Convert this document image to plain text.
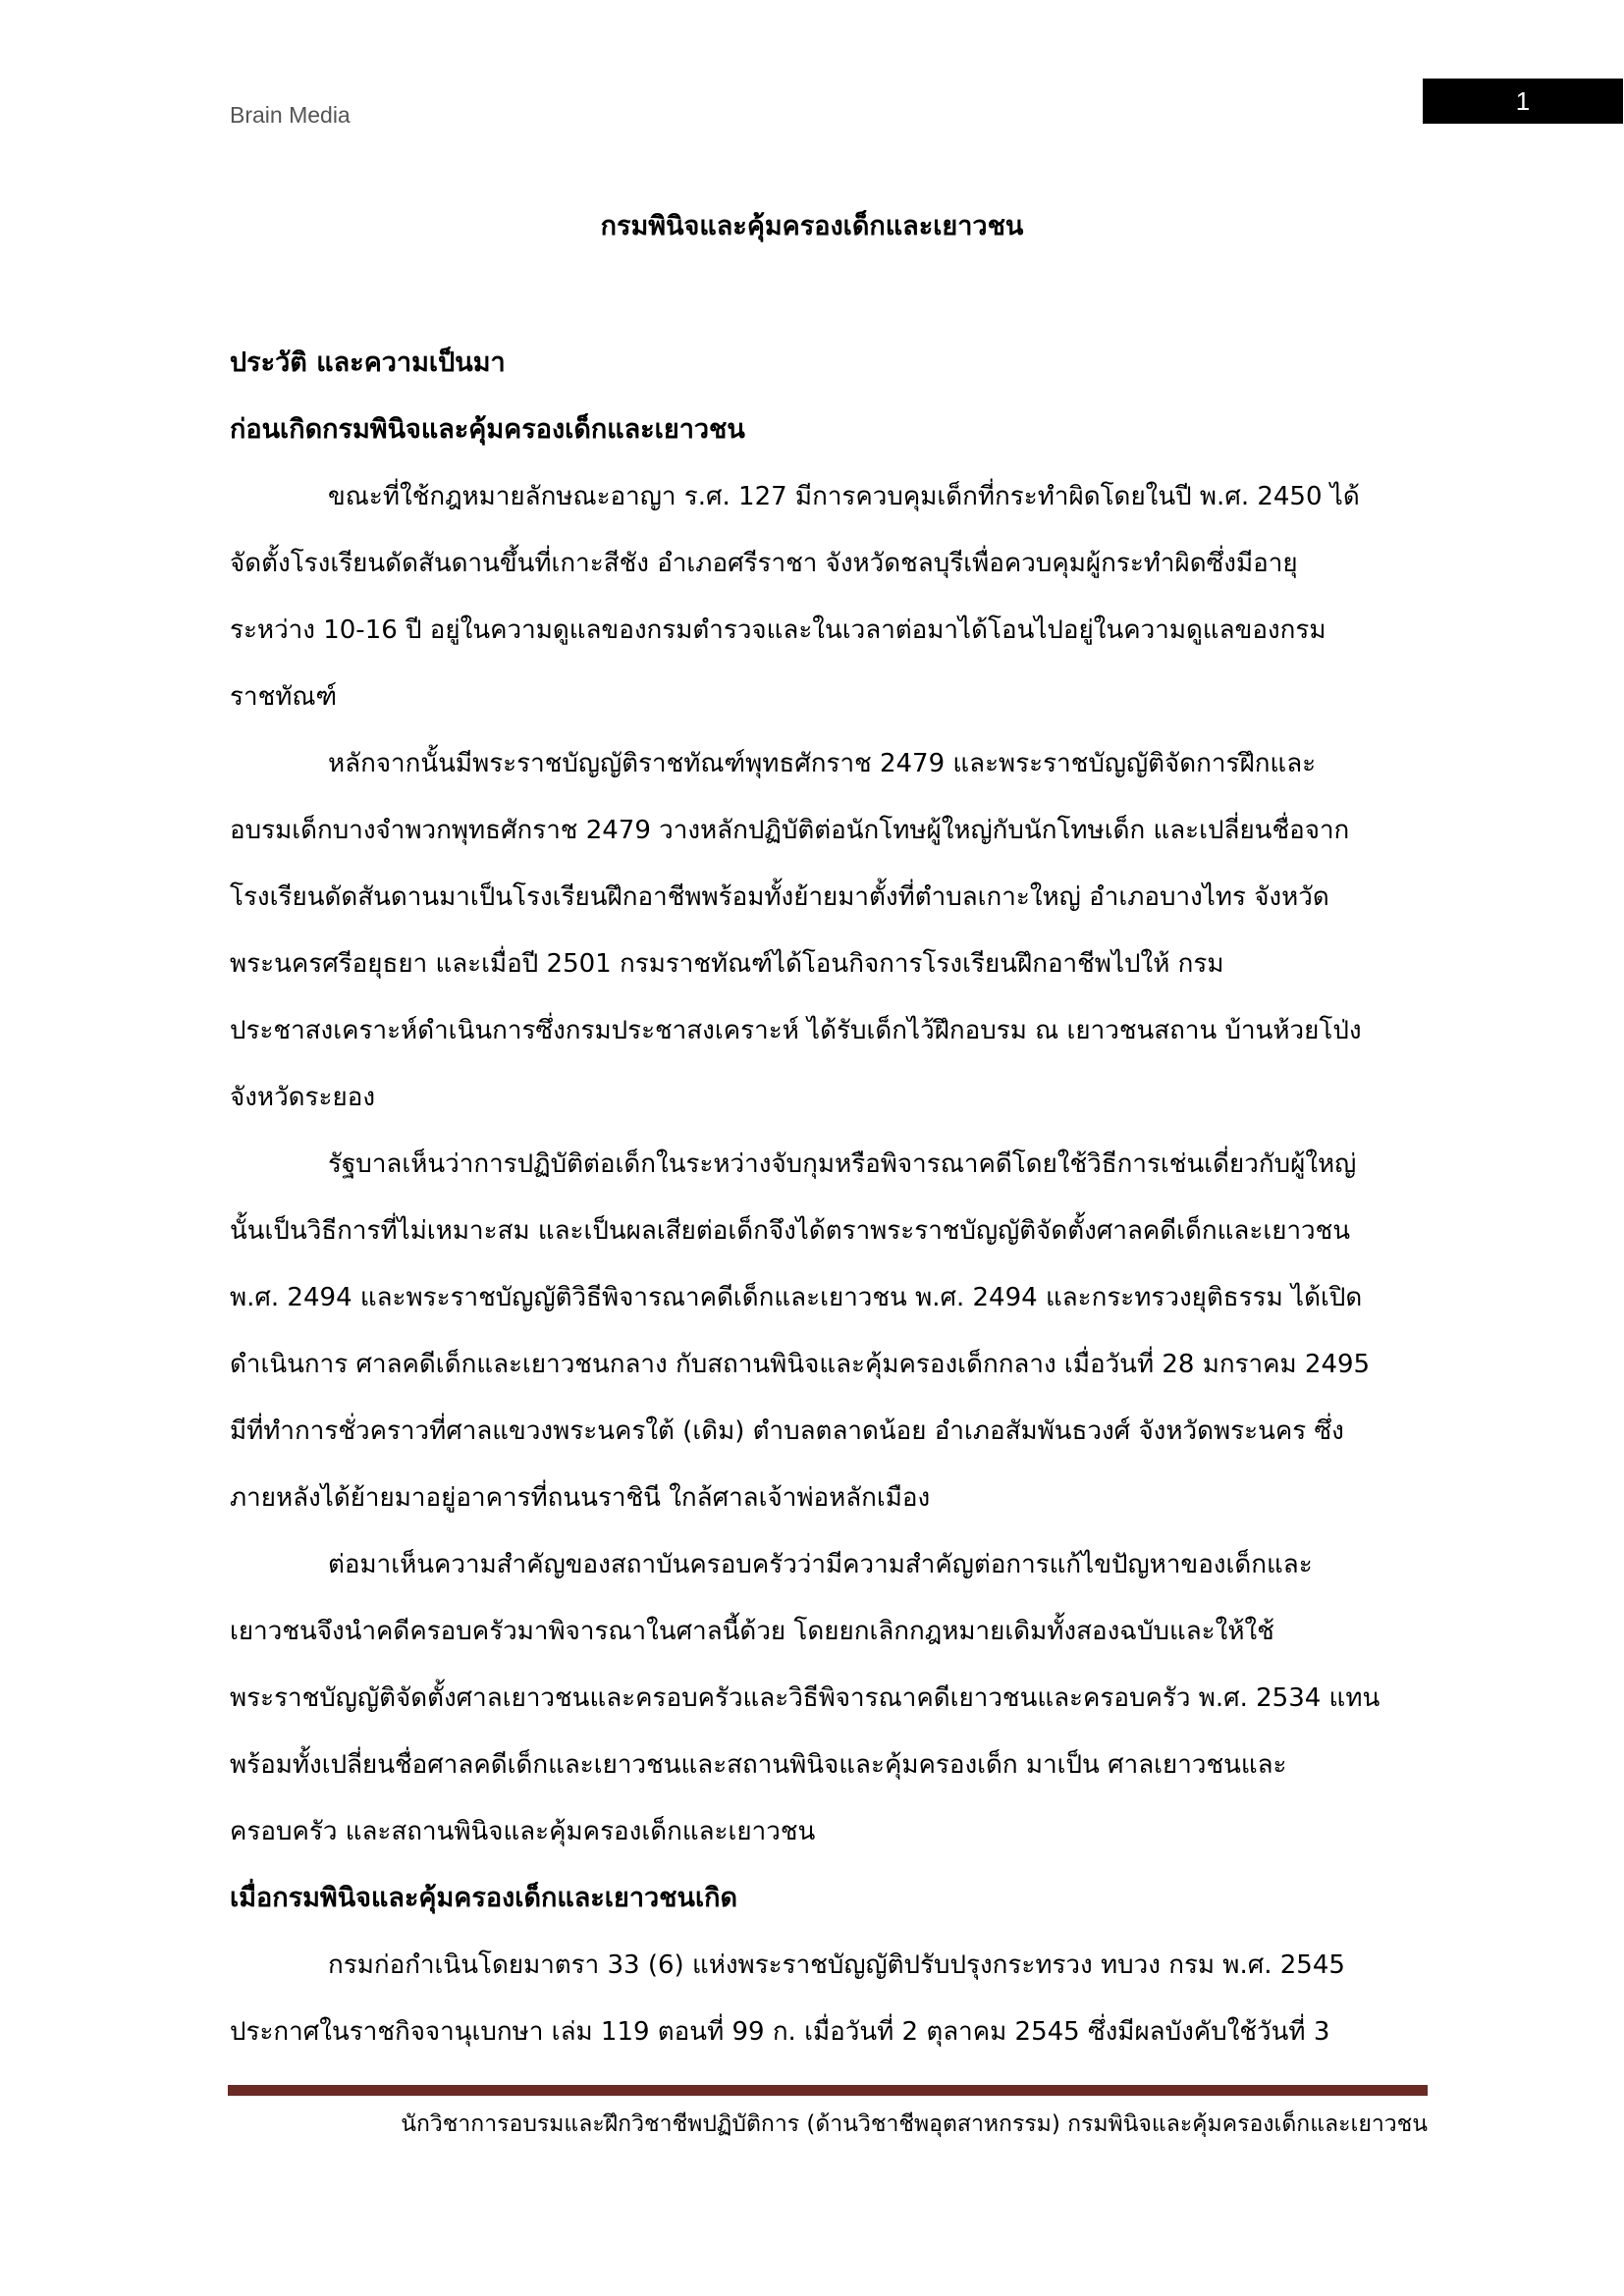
Brain Media	1
กรมพินิจและคุ้มครองเด็กและเยาวชน

ประวัติ และความเป็นมา

ก่อนเกิดกรมพินิจและคุ้มครองเด็กและเยาวชน

ขณะที่ใช้กฎหมายลักษณะอาญา ร.ศ. 127 มีการควบคุมเด็กที่กระทำผิดโดยในปี พ.ศ. 2450 ได้

จัดตั้งโรงเรียนดัดสันดานขึ้นที่เกาะสีชัง อำเภอศรีราชา จังหวัดชลบุรีเพื่อควบคุมผู้กระทำผิดซึ่งมีอายุ

ระหว่าง 10-16 ปี อยู่ในความดูแลของกรมตำรวจและในเวลาต่อมาได้โอนไปอยู่ในความดูแลของกรม

ราชทัณฑ์

หลักจากนั้นมีพระราชบัญญัติราชทัณฑ์พุทธศักราช 2479 และพระราชบัญญัติจัดการฝึกและ

อบรมเด็กบางจำพวกพุทธศักราช 2479 วางหลักปฏิบัติต่อนักโทษผู้ใหญ่กับนักโทษเด็ก และเปลี่ยนชื่อจาก

โรงเรียนดัดสันดานมาเป็นโรงเรียนฝึกอาชีพพร้อมทั้งย้ายมาตั้งที่ตำบลเกาะใหญ่ อำเภอบางไทร จังหวัด

พระนครศรีอยุธยา และเมื่อปี 2501 กรมราชทัณฑ์ได้โอนกิจการโรงเรียนฝึกอาชีพไปให้ กรม

ประชาสงเคราะห์ดำเนินการซึ่งกรมประชาสงเคราะห์ ได้รับเด็กไว้ฝึกอบรม ณ เยาวชนสถาน บ้านห้วยโป่ง

จังหวัดระยอง

รัฐบาลเห็นว่าการปฏิบัติต่อเด็กในระหว่างจับกุมหรือพิจารณาคดีโดยใช้วิธีการเช่นเดี่ยวกับผู้ใหญ่

นั้นเป็นวิธีการที่ไม่เหมาะสม และเป็นผลเสียต่อเด็กจึงได้ตราพระราชบัญญัติจัดตั้งศาลคดีเด็กและเยาวชน

พ.ศ. 2494 และพระราชบัญญัติวิธีพิจารณาคดีเด็กและเยาวชน พ.ศ. 2494 และกระทรวงยุติธรรม ได้เปิด

ดำเนินการ ศาลคดีเด็กและเยาวชนกลาง กับสถานพินิจและคุ้มครองเด็กกลาง เมื่อวันที่ 28 มกราคม 2495

มีที่ทำการชั่วคราวที่ศาลแขวงพระนครใต้ (เดิม) ตำบลตลาดน้อย อำเภอสัมพันธวงศ์ จังหวัดพระนคร ซึ่ง

ภายหลังได้ย้ายมาอยู่อาคารที่ถนนราชินี ใกล้ศาลเจ้าพ่อหลักเมือง

ต่อมาเห็นความสำคัญของสถาบันครอบครัวว่ามีความสำคัญต่อการแก้ไขปัญหาของเด็กและ

เยาวชนจึงนำคดีครอบครัวมาพิจารณาในศาลนี้ด้วย โดยยกเลิกกฎหมายเดิมทั้งสองฉบับและให้ใช้

พระราชบัญญัติจัดตั้งศาลเยาวชนและครอบครัวและวิธีพิจารณาคดีเยาวชนและครอบครัว พ.ศ. 2534 แทน

พร้อมทั้งเปลี่ยนชื่อศาลคดีเด็กและเยาวชนและสถานพินิจและคุ้มครองเด็ก มาเป็น ศาลเยาวชนและ

ครอบครัว และสถานพินิจและคุ้มครองเด็กและเยาวชน

เมื่อกรมพินิจและคุ้มครองเด็กและเยาวชนเกิด

กรมก่อกำเนินโดยมาตรา 33 (6) แห่งพระราชบัญญัติปรับปรุงกระทรวง ทบวง กรม พ.ศ. 2545

ประกาศในราชกิจจานุเบกษา เล่ม 119 ตอนที่ 99 ก. เมื่อวันที่ 2 ตุลาคม 2545 ซึ่งมีผลบังคับใช้วันที่ 3

นักวิชาการอบรมและฝึกวิชาชีพปฏิบัติการ (ด้านวิชาชีพอุตสาหกรรม) กรมพินิจและคุ้มครองเด็กและเยาวชน
